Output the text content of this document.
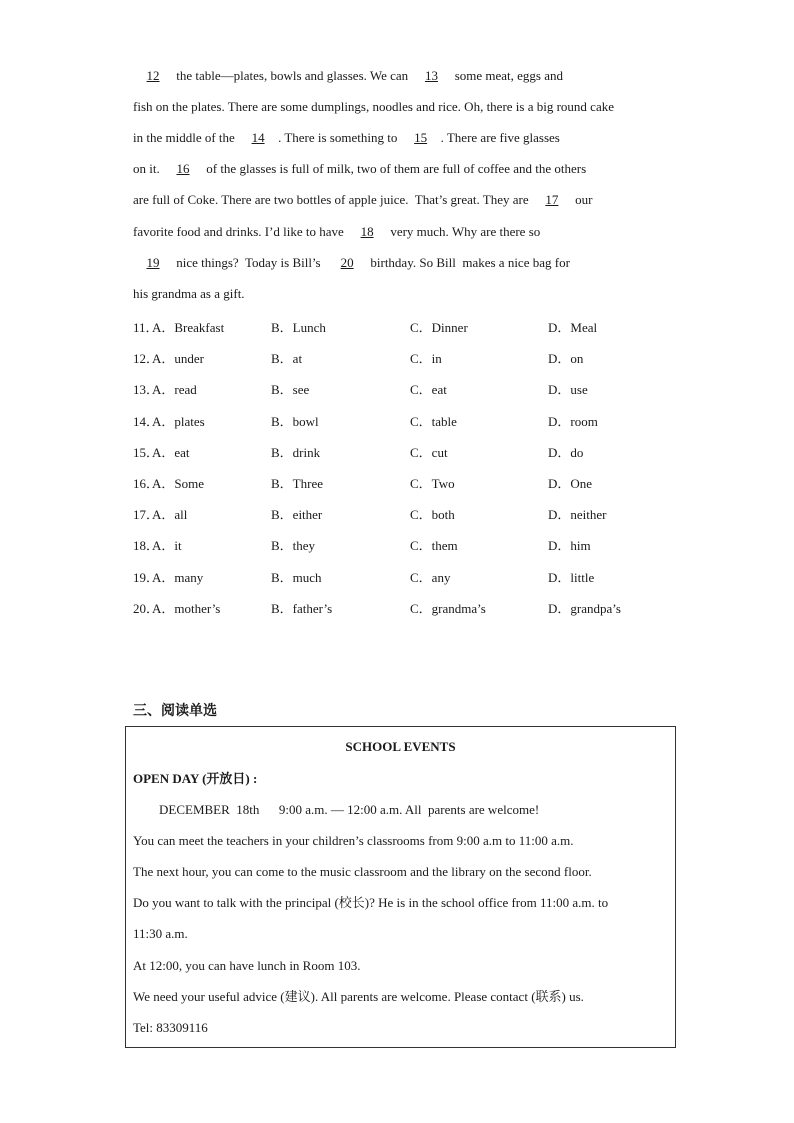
12 the table—plates, bowls and glasses. We can 13 some meat, eggs and
fish on the plates. There are some dumplings, noodles and rice. Oh, there is a big round cake
in the middle of the 14 . There is something to 15 . There are five glasses
on it. 16 of the glasses is full of milk, two of them are full of coffee and the others
are full of Coke. There are two bottles of apple juice.  That’s great. They are 17 our
favorite food and drinks. I’d like to have 18 very much. Why are there so
19 nice things?  Today is Bill’s  20 birthday. So Bill  makes a nice bag for
his grandma as a gift.
11．
A．Breakfast	B．Lunch	C．Dinner	D．Meal
12．
A．under	B．at	C．in	D．on
13．
A．read	B．see	C．eat	D．use
14．
A．plates	B．bowl	C．table	D．room
15．
A．eat	B．drink	C．cut	D．do
16．
A．Some	B．Three	C．Two	D．One
17．
A．all	B．either	C．both	D．neither
18．
A．it	B．they	C．them	D．him
19．
A．many	B．much	C．any	D．little
20．
A．mother’s	B．father’s	C．grandma’s	D．grandpa’s
三、阅读单选
SCHOOL EVENTS
OPEN DAY (开放日) :
DECEMBER  18th      9:00 a.m. — 12:00 a.m. All  parents are welcome!
You can meet the teachers in your children’s classrooms from 9:00 a.m to 11:00 a.m.
The next hour, you can come to the music classroom and the library on the second floor.
Do you want to talk with the principal (校长)? He is in the school office from 11:00 a.m. to
11:30 a.m.
At 12:00, you can have lunch in Room 103.
We need your useful advice (建议). All parents are welcome. Please contact (联系) us.
Tel: 83309116
